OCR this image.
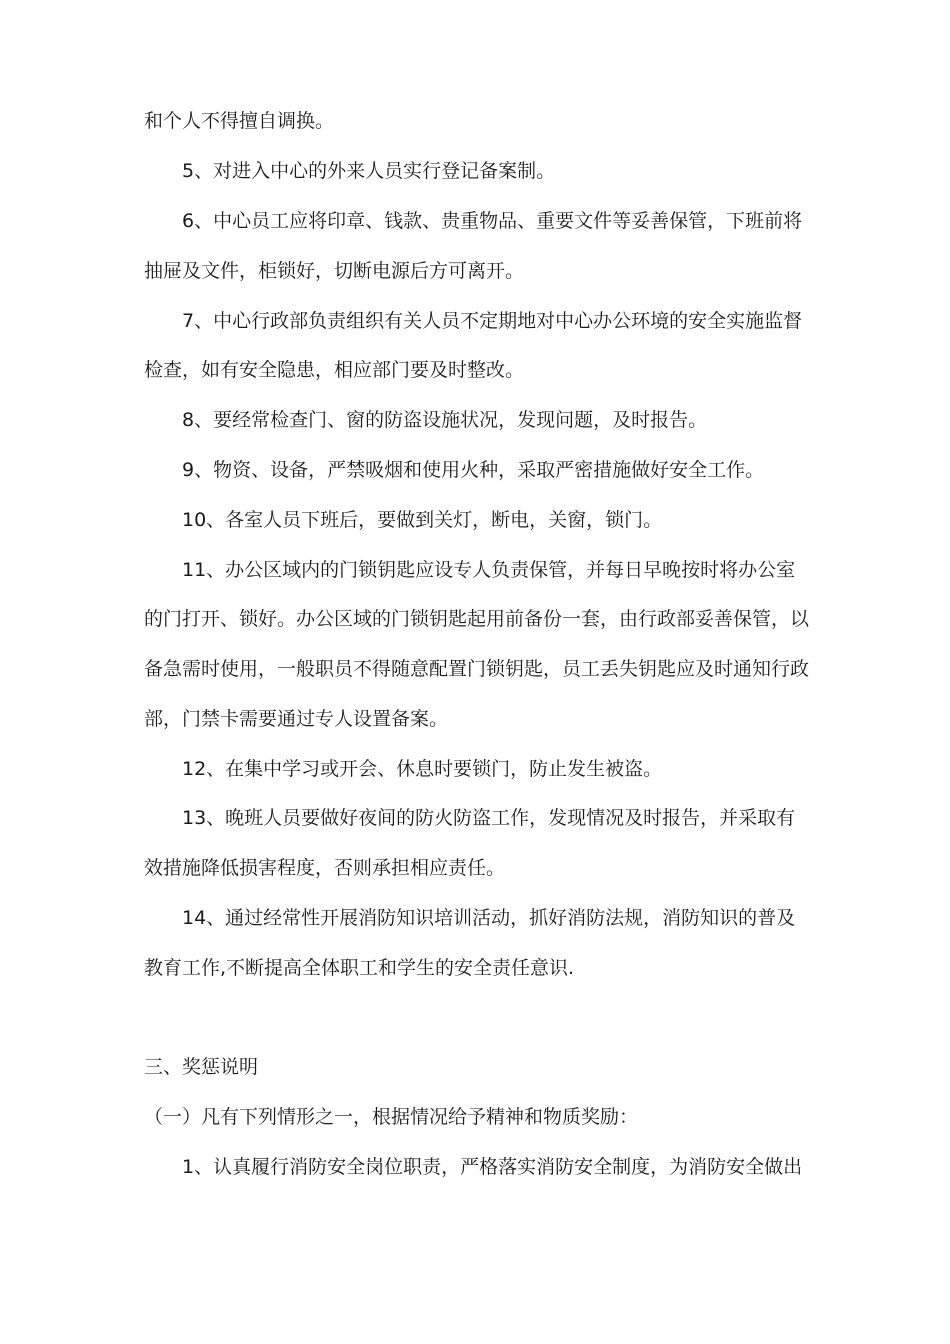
和个人不得擅自调换。
5、对进入中心的外来人员实行登记备案制。
6、中心员工应将印章、钱款、贵重物品、重要文件等妥善保管，下班前将
抽屉及文件，柜锁好，切断电源后方可离开。
7、中心行政部负责组织有关人员不定期地对中心办公环境的安全实施监督
检查，如有安全隐患，相应部门要及时整改。
8、要经常检查门、窗的防盗设施状况，发现问题，及时报告。
9、物资、设备，严禁吸烟和使用火种，采取严密措施做好安全工作。
10、各室人员下班后，要做到关灯，断电，关窗，锁门。
11、办公区域内的门锁钥匙应设专人负责保管，并每日早晚按时将办公室
的门打开、锁好。办公区域的门锁钥匙起用前备份一套，由行政部妥善保管，以
备急需时使用，一般职员不得随意配置门锁钥匙，员工丢失钥匙应及时通知行政
部，门禁卡需要通过专人设置备案。
12、在集中学习或开会、休息时要锁门，防止发生被盗。
13、晚班人员要做好夜间的防火防盗工作，发现情况及时报告，并采取有
效措施降低损害程度，否则承担相应责任。
14、通过经常性开展消防知识培训活动，抓好消防法规，消防知识的普及
教育工作,不断提高全体职工和学生的安全责任意识.
三、奖惩说明
（一）凡有下列情形之一，根据情况给予精神和物质奖励：
1、认真履行消防安全岗位职责，严格落实消防安全制度，为消防安全做出
